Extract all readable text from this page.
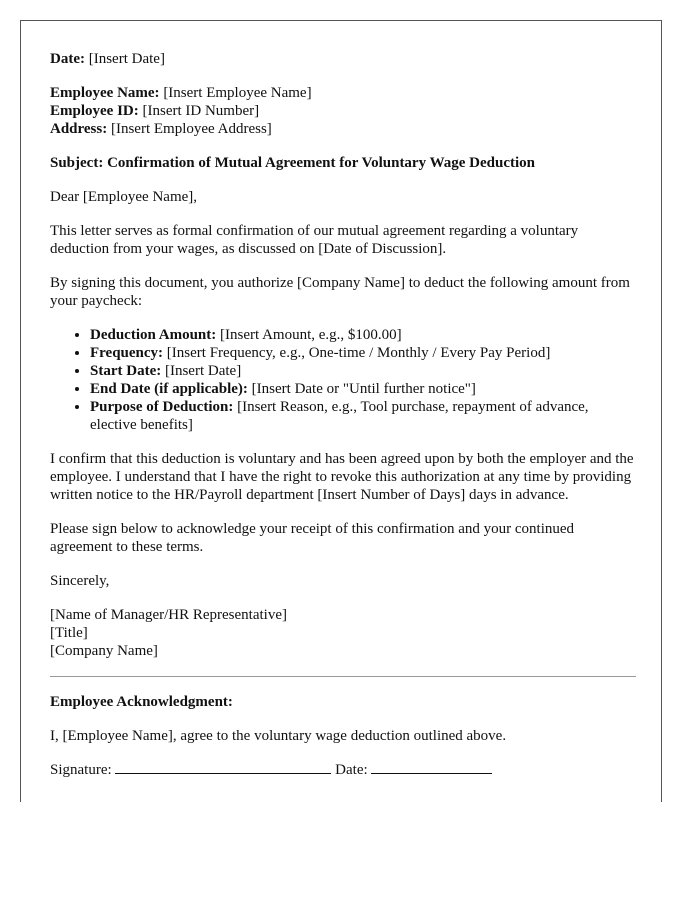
Date: [Insert Date]

Employee Name: [Insert Employee Name]

Employee ID: [Insert ID Number]

Address: [Insert Employee Address]

Subject: Confirmation of Mutual Agreement for Voluntary Wage Deduction

Dear [Employee Name],

This letter serves as formal confirmation of our mutual agreement regarding a voluntary deduction from your wages, as discussed on [Date of Discussion].

By signing this document, you authorize [Company Name] to deduct the following amount from your paycheck:

• Deduction Amount: [Insert Amount, e.g., $100.00]
• Frequency: [Insert Frequency, e.g., One-time / Monthly / Every Pay Period]
• Start Date: [Insert Date]
• End Date (if applicable): [Insert Date or "Until further notice"]
• Purpose of Deduction: [Insert Reason, e.g., Tool purchase, repayment of advance, elective benefits]

I confirm that this deduction is voluntary and has been agreed upon by both the employer and the employee. I understand that I have the right to revoke this authorization at any time by providing written notice to the HR/Payroll department [Insert Number of Days] days in advance.

Please sign below to acknowledge your receipt of this confirmation and your continued agreement to these terms.

Sincerely,

[Name of Manager/HR Representative]

[Title]

[Company Name]

Employee Acknowledgment:

I, [Employee Name], agree to the voluntary wage deduction outlined above.

Signature:	Date:
